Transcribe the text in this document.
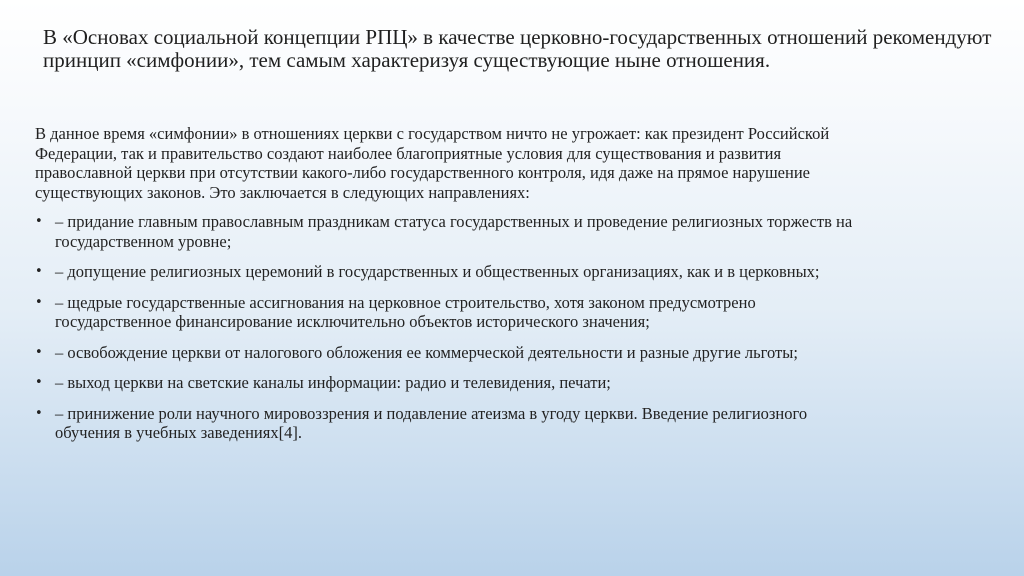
В «Основах социальной концепции РПЦ» в качестве церковно-государственных отношений рекомендуют принцип «симфонии», тем самым характеризуя существующие ныне отношения.

В данное время «симфонии» в отношениях церкви с государством ничто не угрожает: как президент Российской Федерации, так и правительство создают наиболее благоприятные условия для существования и развития православной церкви при отсутствии какого-либо государственного контроля, идя даже на прямое нарушение существующих законов. Это заключается в следующих направлениях:

• – придание главным православным праздникам статуса государственных и проведение религиозных торжеств на государственном уровне;
• – допущение религиозных церемоний в государственных и общественных организациях, как и в церковных;
• – щедрые государственные ассигнования на церковное строительство, хотя законом предусмотрено государственное финансирование исключительно объектов исторического значения;
• – освобождение церкви от налогового обложения ее коммерческой деятельности и разные другие льготы;
• – выход церкви на светские каналы информации: радио и телевидения, печати;
• – принижение роли научного мировоззрения и подавление атеизма в угоду церкви. Введение религиозного обучения в учебных заведениях[4].
